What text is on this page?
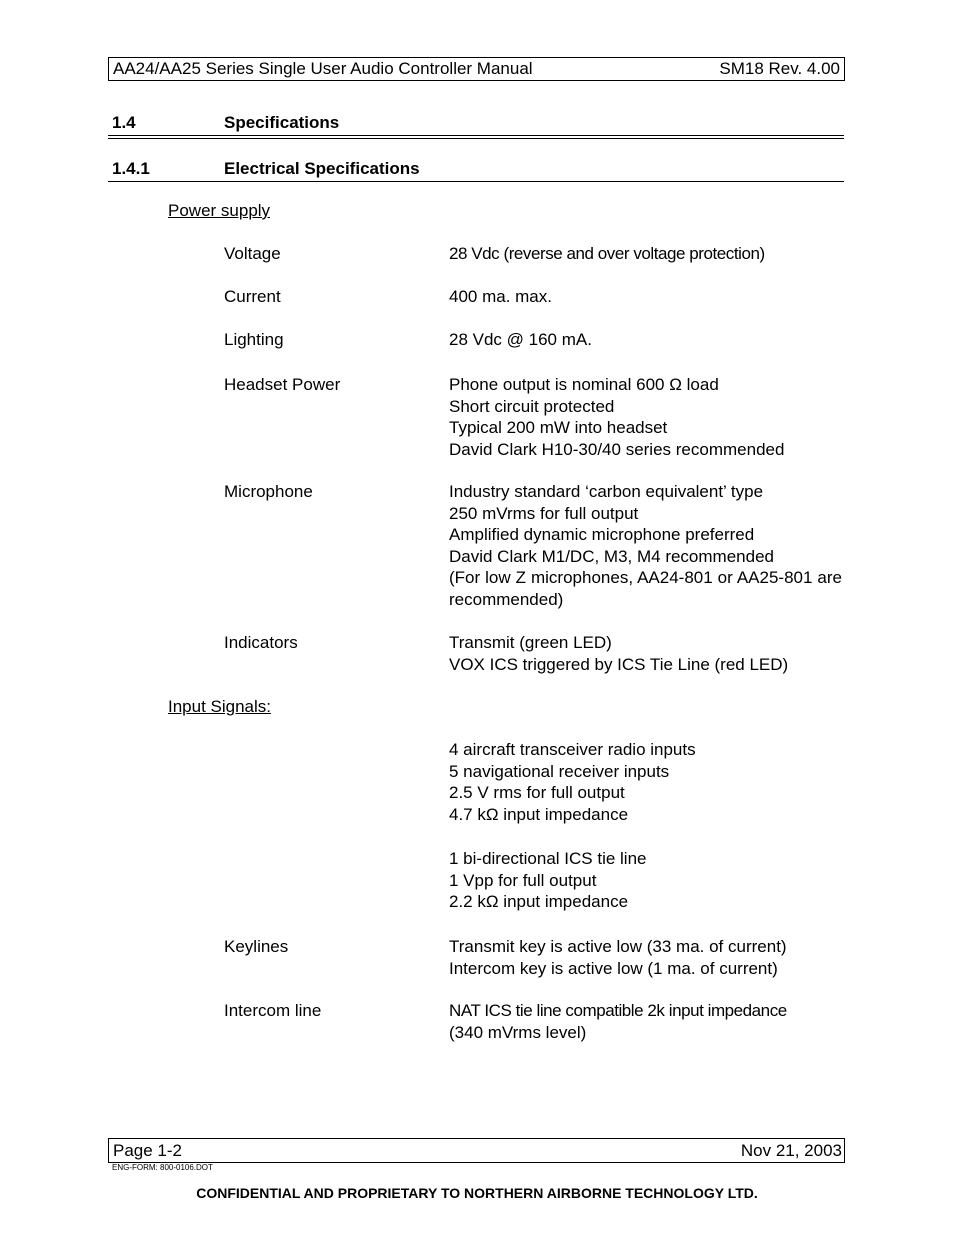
AA24/AA25 Series Single User Audio Controller Manual	SM18 Rev. 4.00
1.4	Specifications
1.4.1	Electrical Specifications
Power supply
Voltage	28 Vdc (reverse and over voltage protection)
Current	400 ma. max.
Lighting	28 Vdc @ 160 mA.
Headset Power	Phone output is nominal 600 Ω load
Short circuit protected
Typical 200 mW into headset
David Clark H10-30/40 series recommended
Microphone	Industry standard ‘carbon equivalent’ type
250 mVrms for full output
Amplified dynamic microphone preferred
David Clark M1/DC, M3, M4 recommended
(For low Z microphones, AA24-801 or AA25-801 are recommended)
Indicators	Transmit (green LED)
VOX ICS triggered by ICS Tie Line (red LED)
Input Signals:
4 aircraft transceiver radio inputs
5 navigational receiver inputs
2.5 V rms for full output
4.7 kΩ input impedance
1 bi-directional ICS tie line
1 Vpp for full output
2.2 kΩ input impedance
Keylines	Transmit key is active low (33 ma. of current)
Intercom key is active low (1 ma. of current)
Intercom line	NAT ICS tie line compatible 2k input impedance
(340 mVrms level)
Page 1-2	Nov 21, 2003
ENG-FORM: 800-0106.DOT
CONFIDENTIAL AND PROPRIETARY TO NORTHERN AIRBORNE TECHNOLOGY LTD.
